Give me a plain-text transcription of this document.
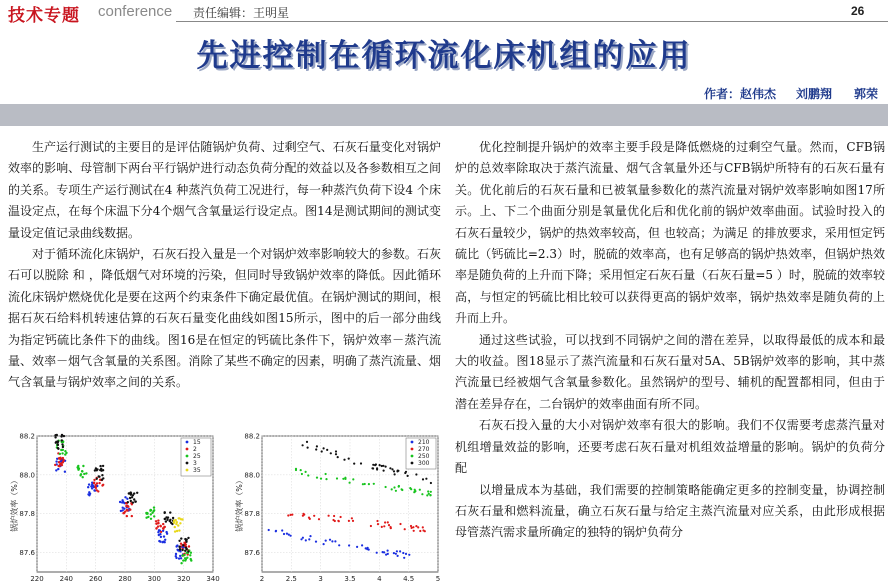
技术专题 conference 责任编辑：王明星	26
先进控制在循环流化床机组的应用
作者：赵伟杰 刘鹏翔 郭荣

生产运行测试的主要目的是评估随锅炉负荷、过剩空气、石灰石量变化对锅炉效率的影响、母管制下两台平行锅炉进行动态负荷分配的效益以及各参数相互之间的关系。专项生产运行测试在4 种蒸汽负荷工况进行，每一种蒸汽负荷下设4 个床温设定点，在每个床温下分4个烟气含氧量运行设定点。图14是测试期间的测试变量设定值记录曲线数据。

对于循环流化床锅炉，石灰石投入量是一个对锅炉效率影响较大的参数。石灰石可以脱除 和 ，降低烟气对环境的污染，但同时导致锅炉效率的降低。因此循环流化床锅炉燃烧优化是要在这两个约束条件下确定最优值。在锅炉测试的期间，根据石灰石给料机转速估算的石灰石量变化曲线如图15所示，图中的后一部分曲线为指定钙硫比条件下的曲线。图16是在恒定的钙硫比条件下，锅炉效率－蒸汽流量、效率－烟气含氧量的关系图。消除了某些不确定的因素，明确了蒸汽流量、烟气含氧量与锅炉效率之间的关系。

优化控制提升锅炉的效率主要手段是降低燃烧的过剩空气量。然而，CFB锅炉的总效率除取决于蒸汽流量、烟气含氧量外还与CFB锅炉所特有的石灰石量有关。优化前后的石灰石量和已被氧量参数化的蒸汽流量对锅炉效率影响如图17所示。上、下二个曲面分别是氧量优化后和优化前的锅炉效率曲面。试验时投入的石灰石量较少，锅炉的热效率较高，但 也较高；为满足 的排放要求，采用恒定钙硫比（钙硫比=2.3）时，脱硫的效率高，也有足够高的锅炉热效率，但锅炉热效率是随负荷的上升而下降；采用恒定石灰石量（石灰石量=5 ）时，脱硫的效率较高，与恒定的钙硫比相比较可以获得更高的锅炉效率，锅炉热效率是随负荷的上升而上升。

通过这些试验，可以找到不同锅炉之间的潜在差异，以取得最低的成本和最大的收益。图18显示了蒸汽流量和石灰石量对5A、5B锅炉效率的影响，其中蒸汽流量已经被烟气含氧量参数化。虽然锅炉的型号、辅机的配置都相同，但由于潜在差异存在，二台锅炉的效率曲面有所不同。

石灰石投入量的大小对锅炉效率有很大的影响。我们不仅需要考虑蒸汽量对机组增量效益的影响，还要考虑石灰石量对机组效益增量的影响。锅炉的负荷分配

以增量成本为基础，我们需要的控制策略能确定更多的控制变量，协调控制石灰石量和燃料流量，确立石灰石量与给定主蒸汽流量对应关系，由此形成根据母管蒸汽需求量所确定的独特的锅炉负荷分

220 240 260 280 300 320 340
87.6
87.8
88.0
88.2
锅炉效率（%）
15
2
25
3
35
2	2.5	3	3.5	4	4.5	5
87.6
87.8
88.0
88.2
锅炉效率（%）
210
270
250
300
